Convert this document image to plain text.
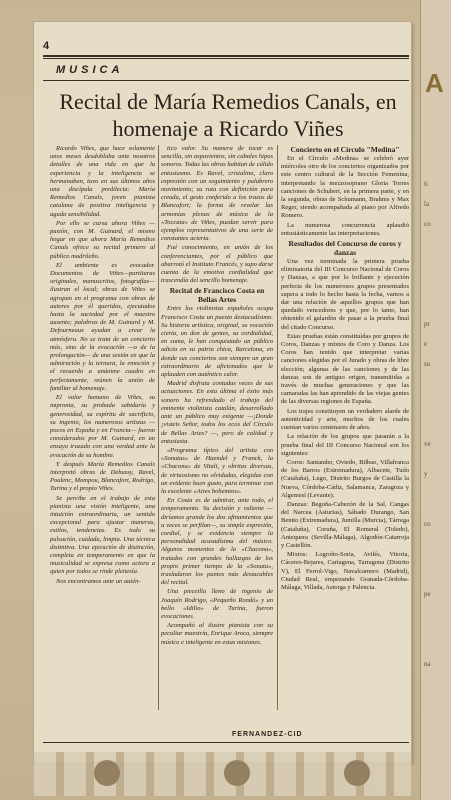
A
ti
la
co
pr
e
su
ve
y
co
pe
na
4
MUSICA
Recital de María Remedios Canals, en
homenaje a Ricardo Viñes

Ricardo Viñes, que hace solamente unos meses desdoblaba ante nosotros detalles de una vida en que la experiencia y la inteligencia se hermanaban, tuvo en sus últimos años una discípula predilecta: María Remedios Canals, joven pianista catalana de positiva inteligencia y aguda sensibilidad.

Por ello se cursa ahora Viñes —pasión, con M. Guinard, el mismo hogar en que ahora María Remedios Canals ofrece su recital primero al público madrileño.

El ambiente es evocador. Documentos de Viñes—partituras originales, manuscritos, fotografías—ilustran el local; obras de Viñes se agrupan en el programa con obras de autores por él queridos, ejecutados hasta la saciedad por el maestro ausente; palabras de M. Guinard y M. Defourneaux ayudan a crear la atmósfera. No se trata de un concierto más, sino de la evocación —o de la prolongación— de una sesión en que la admiración y la ternura, la emoción y el recuerdo a unánime cuadro en perfectamente, reúnen la unión de familiar al homenaje.

El valor humano de Viñes, su impronta, su probada sabiduría y generosidad, su espíritu de sacrificio, su ingenio, los numerosos artistas —pocos en España y en Francia— fueron considerados por M. Guinard, en un ensayo trazado con una verdad ante la evocación de su hombre.

Y después María Remedios Canals interpretó obras de Debussy, Ravel, Poulenc, Mompou, Blancafort, Rodrigo, Turina y el propio Viñes.

Se percibe en el trabajo de esta pianista una visión inteligente, una intuición extraordinaria, un sentido excepcional para ajustar maneras, estilos, tendencias. Es todo su pulsación, cuidada, limpia. Una técnica distintiva. Una ejecución de distinción, completa en temperamento en que la musicalidad se expresa como actora a quien por todos se rinde pleitesía.

Nos encontramos ante un autén-

tico valor. Su manera de tocar es sencilla, sin aspavientos, sin cabales hipos sonoros. Todas las obras habitan de cálido entusiasmo. Es Ravel, cristalino, claro expresión con un seguimiento y palabrero movimiento; su ruta con definición para creada, el gesto conferido a los trazos de Blancafort; la forma de revelar las armonías plenas de música de la «Toccata» de Viñes, puedan servir para ejemplos representativos de una serie de constantes acierta.

Fué conocimiento, en unión de los conferenciantes, por el público que abarrotó el Instituto Francés, y supo darse cuenta de la emotiva cordialidad que trascendía del sencillo homenaje.

Recital de Francisco Costa en Bellas Artes

Entre los violinistas españoles ocupa Francisco Costa un puesto destacadísimo. Su historia artística, original, su vocación cierta, un don de gentes, su cordialidad, en suma, le han conquistado un público adicto en su patria chica, Barcelona, en donde sus conciertos son siempre un gran extraordinario de aficionados que le aplauden con auténtico calor.

Madrid disfruta contadas veces de sus actuaciones. En esta última el éxito más sonoro ha refrendado el trabajo del eminente violinista catalán, desarrollado ante un público muy exigente —¡Donde ¡visteis Señor, todos los ecos del Círculo de Bellas Artes? —, pero de calidad y entusiasta.

«Programa típico del artista con «Sonatas» de Haendel y Franck, la «Chacona» de Vitali, y obritas diversas, de virtuosismo no olvidadas, elegidas con un evidente buen gusto, para terminar con la excelente «Aires bohemios».

En Costa es de admirar, ante todo, el temperamento. Su decisión y valiente —diríamos grande los dos afinamientos que a veces se perfilan—, su simple expresión, cordial, y se evidencia siempre la personalidad acusadísima del músico. Algunos momentos de la «Chacona», tratados con grandes hallazgos de los propio primer tiempo de la «Sonata», trasladaron los puntos más destacables del recital.

Una pieceilla lleno de ingenio de Joaquín Rodrigo, «Pequeño Rondó» y un bello «Idilio» de Turina, fueron evocaciones.

Acompañó al ilustre pianista con su peculiar maestría, Enrique Aroca, siempre músico e inteligente en estas misiones.

Concierto en el Círculo "Medina"

En el Círculo «Medina» se celebró ayer miércoles otro de los conciertos organizados por este centro cultural de la Sección Femenina, interpretando la mezzosoprano Gloria Torres canciones de Schubert, en la primera parte, y en la segunda, obras de Schumann, Brahms y Max Reger, siendo acompañada al piano por Alfredo Romero.

La numerosa concurrencia aplaudió entusiásticamente las interpretaciones.

Resultados del Concurso de coros y danzas

Una vez terminada la primera prueba eliminatoria del III Concurso Nacional de Coros y Danzas, a que por lo brillante y ejecución perfecta de los numerosos grupos presentados supera a todo lo hecho hasta la fecha, vamos a dar una relación de aquellos grupos que han quedado vencedores y que, por lo tanto, han obtenido el galardón de pasar a la prueba final del citado Concurso.

Estas pruebas están constituídas por grupos de Coros, Danzas y mixtos de Coro y Danza. Los Coros han tenido que interpretar varias canciones elegidas por el Jurado y obras de libre elección; algunas de las canciones y de las danzas son de antiguo origen, transmitidas a través de muchas generaciones y que las camaradas las han aprendido de las viejas gentes de las diversas regiones de España.

Los trajes constituyen un verdadero alarde de autenticidad y arte, muchos de los cuales cuentan varios centenares de años.

La relación de los grupos que pasarán a la prueba final del III Concurso Nacional son los siguientes:

Coros: Santander, Oviedo, Bilbao, Villafranca de los Barros (Extremadura), Albacete, Tudo (Cataluña), Lugo, Distrito Burgos de Castilla la Nueva, Córdoba-Cádiz, Salamanca, Zaragoza y Algemesí (Levante).

Danzas: Begoña-Cabezón de la Sal, Cangas del Narcea (Asturias), Sábado Durango, San Benito (Extremadura), Jumilla (Murcia), Tárrega (Cataluña), Coruña, El Romeral (Toledo), Antequera (Sevilla-Málaga), Algodón-Catarroja y Castellón.

Mixtos: Logroño-Soria, Avilés, Vitoria, Cáceres-Bejares, Cartagena, Tarragona (Distrito V), El Ferrol-Vigo, Navalcarnero (Madrid), Ciudad Real, empezando Granada-Córdoba-Málaga, Villada, Astorga y Palencia.

FERNANDEZ-CID
